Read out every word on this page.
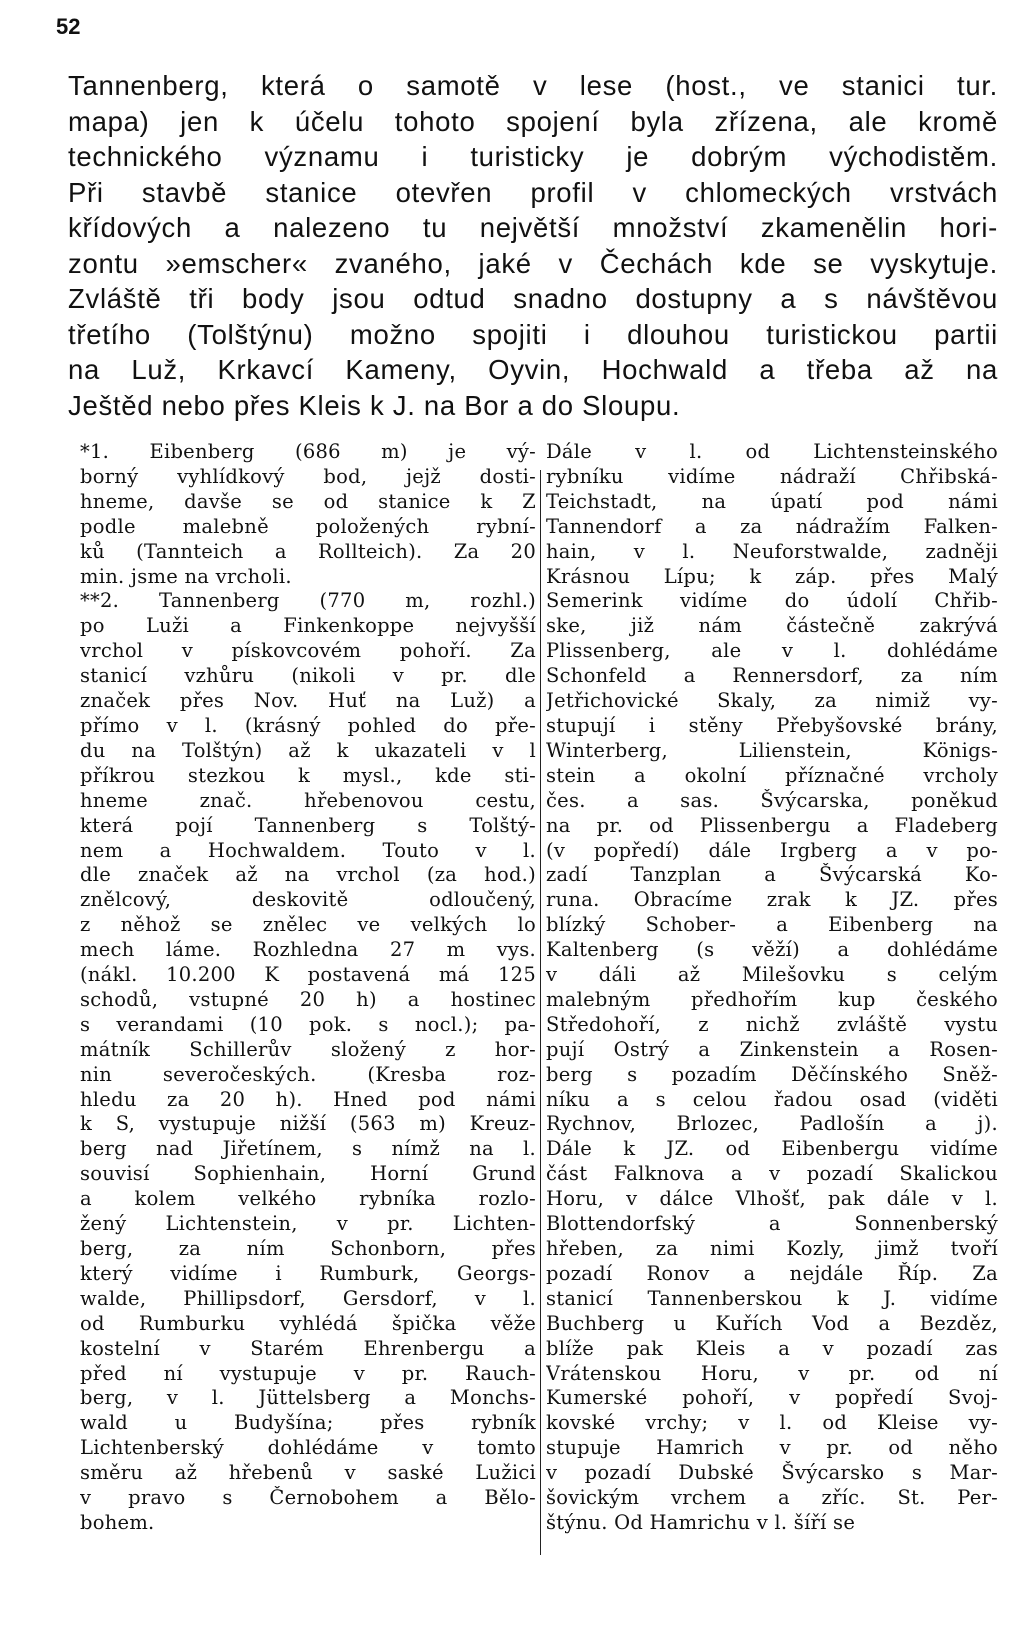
52
Tannenberg, která o samotě v lese (host., ve stanici tur.
mapa) jen k účelu tohoto spojení byla zřízena, ale kromě
technického významu i turisticky je dobrým východistěm.
Při stavbě stanice otevřen profil v chlomeckých vrstvách
křídových a nalezeno tu největší množství zkamenělin hori-
zontu »emscher« zvaného, jaké v Čechách kde se vyskytuje.
Zvláště tři body jsou odtud snadno dostupny a s návštěvou
třetího (Tolštýnu) možno spojiti i dlouhou turistickou partii
na Luž, Krkavcí Kameny, Oyvin, Hochwald a třeba až na
Ještěd nebo přes Kleis k J. na Bor a do Sloupu.
*1. Eibenberg (686 m) je vý-
borný vyhlídkový bod, jejž dosti-
hneme, davše se od stanice k Z
podle malebně položených rybní-
ků (Tannteich a Rollteich). Za 20
min. jsme na vrcholi.
**2. Tannenberg (770 m, rozhl.)
po Luži a Finkenkoppe nejvyšší
vrchol v pískovcovém pohoří. Za
stanicí vzhůru (nikoli v pr. dle
značek přes Nov. Huť na Luž) a
přímo v l. (krásný pohled do pře-
du na Tolštýn) až k ukazateli v l
příkrou stezkou k mysl., kde sti-
hneme znač. hřebenovou cestu,
která pojí Tannenberg s Tolštý-
nem a Hochwaldem. Touto v l.
dle značek až na vrchol (za hod.)
znělcový, deskovitě odloučený,
z něhož se znělec ve velkých lo
mech láme. Rozhledna 27 m vys.
(nákl. 10.200 K postavená má 125
schodů, vstupné 20 h) a hostinec
s verandami (10 pok. s nocl.); pa-
mátník Schillerův složený z hor-
nin severočeských. (Kresba roz-
hledu za 20 h). Hned pod námi
k S, vystupuje nižší (563 m) Kreuz-
berg nad Jiřetínem, s nímž na l.
souvisí Sophienhain, Horní Grund
a kolem velkého rybníka rozlo-
žený Lichtenstein, v pr. Lichten-
berg, za ním Schonborn, přes
který vidíme i Rumburk, Georgs-
walde, Phillipsdorf, Gersdorf, v l.
od Rumburku vyhlédá špička věže
kostelní v Starém Ehrenbergu a
před ní vystupuje v pr. Rauch-
berg, v l. Jüttelsberg a Monchs-
wald u Budyšína; přes rybník
Lichtenberský dohlédáme v tomto
směru až hřebenů v saské Lužici
v pravo s Černobohem a Bělo-
bohem.
Dále v l. od Lichtensteinského
rybníku vidíme nádraží Chřibská-
Teichstadt, na úpatí pod námi
Tannendorf a za nádražím Falken-
hain, v l. Neuforstwalde, zadněji
Krásnou Lípu; k záp. přes Malý
Semerink vidíme do údolí Chřib-
ske, již nám částečně zakrývá
Plissenberg, ale v l. dohlédáme
Schonfeld a Rennersdorf, za ním
Jetřichovické Skaly, za nimiž vy-
stupují i stěny Přebyšovské brány,
Winterberg, Lilienstein, Königs-
stein a okolní příznačné vrcholy
čes. a sas. Švýcarska, poněkud
na pr. od Plissenbergu a Fladeberg
(v popředí) dále Irgberg a v po-
zadí Tanzplan a Švýcarská Ko-
runa. Obracíme zrak k JZ. přes
blízký Schober- a Eibenberg na
Kaltenberg (s věží) a dohlédáme
v dáli až Milešovku s celým
malebným předhořím kup českého
Středohoří, z nichž zvláště vystu
pují Ostrý a Zinkenstein a Rosen-
berg s pozadím Děčínského Sněž-
níku a s celou řadou osad (viděti
Rychnov, Brlozec, Padlošín a j).
Dále k JZ. od Eibenbergu vidíme
část Falknova a v pozadí Skalickou
Horu, v dálce Vlhošť, pak dále v l.
Blottendorfský a Sonnenberský
hřeben, za nimi Kozly, jimž tvoří
pozadí Ronov a nejdále Říp. Za
stanicí Tannenberskou k J. vidíme
Buchberg u Kuřích Vod a Bezděz,
blíže pak Kleis a v pozadí zas
Vrátenskou Horu, v pr. od ní
Kumerské pohoří, v popředí Svoj-
kovské vrchy; v l. od Kleise vy-
stupuje Hamrich v pr. od něho
v pozadí Dubské Švýcarsko s Mar-
šovickým vrchem a zříc. St. Per-
štýnu. Od Hamrichu v l. šíří se
